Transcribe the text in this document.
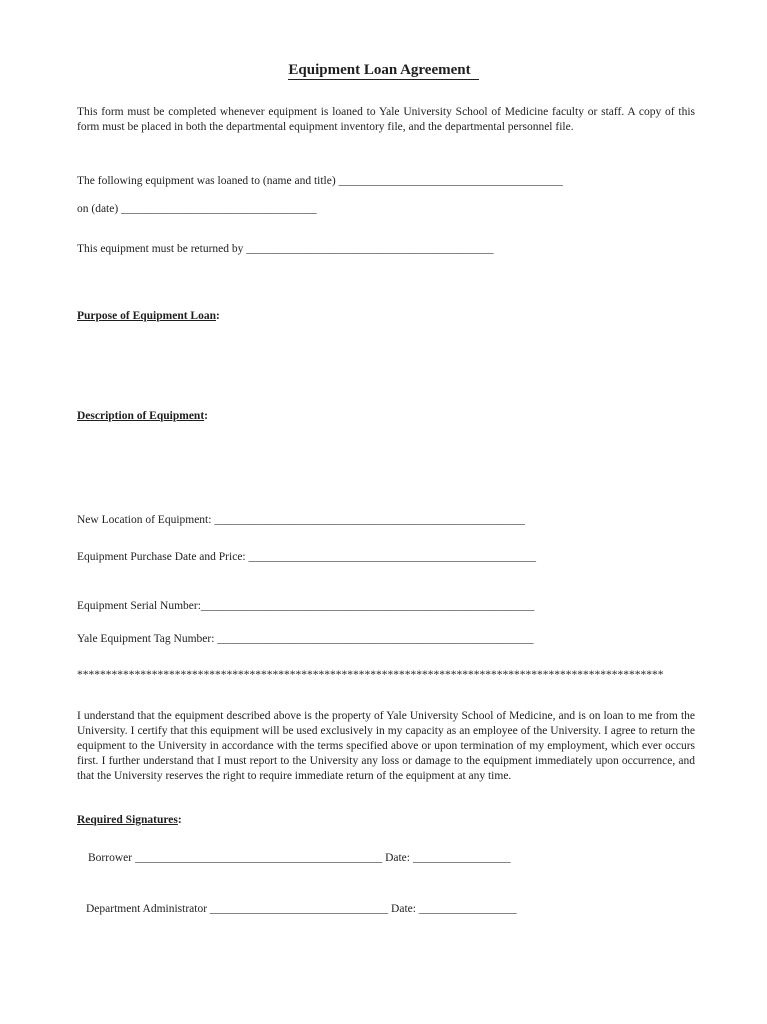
Equipment Loan Agreement

This form must be completed whenever equipment is loaned to Yale University School of Medicine faculty or staff. A copy of this form must be placed in both the departmental equipment inventory file, and the departmental personnel file.

The following equipment was loaned to (name and title) _______________________________________
on (date) __________________________________
This equipment must be returned by ___________________________________________
Purpose of Equipment Loan:
Description of Equipment:
New Location of Equipment: ______________________________________________________
Equipment Purchase Date and Price: __________________________________________________
Equipment Serial Number:__________________________________________________________
Yale Equipment Tag Number: _______________________________________________________
******************************************************************************************************

I understand that the equipment described above is the property of Yale University School of Medicine, and is on loan to me from the University. I certify that this equipment will be used exclusively in my capacity as an employee of the University. I agree to return the equipment to the University in accordance with the terms specified above or upon termination of my employment, which ever occurs first. I further understand that I must report to the University any loss or damage to the equipment immediately upon occurrence, and that the University reserves the right to require immediate return of the equipment at any time.

Required Signatures:
Borrower ___________________________________________ Date: _________________
Department Administrator _______________________________ Date: _________________
